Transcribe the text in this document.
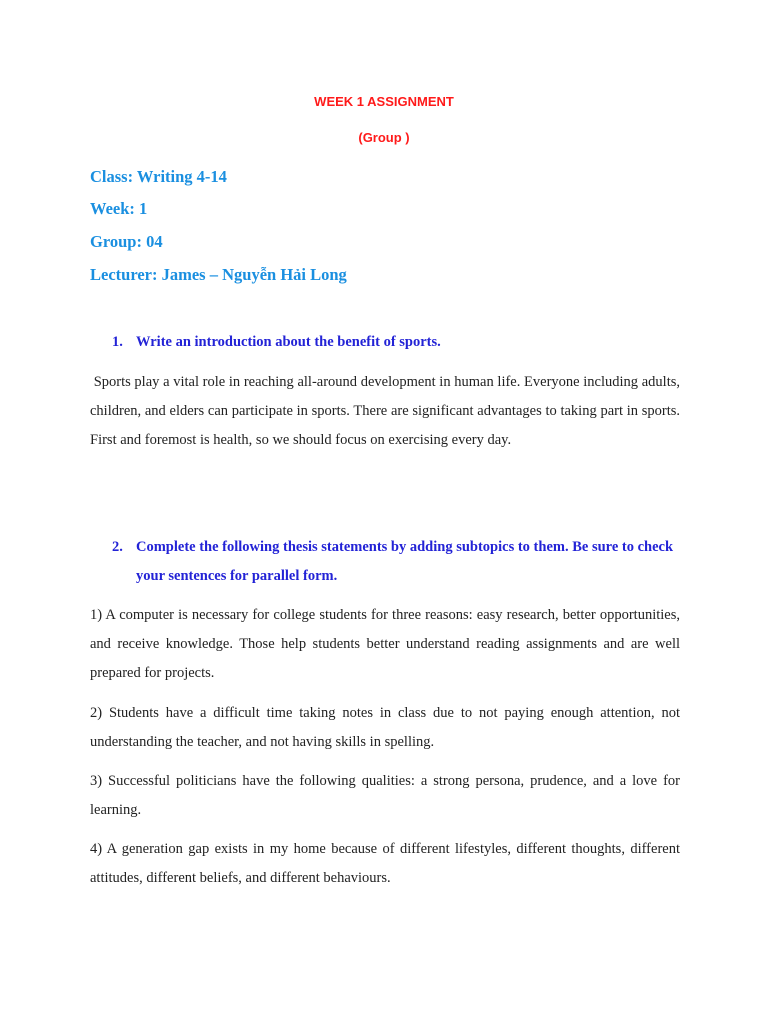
WEEK 1 ASSIGNMENT
(Group )
Class: Writing 4-14
Week: 1
Group: 04
Lecturer: James – Nguyễn Hải Long
1. Write an introduction about the benefit of sports.
Sports play a vital role in reaching all-around development in human life. Everyone including adults, children, and elders can participate in sports. There are significant advantages to taking part in sports. First and foremost is health, so we should focus on exercising every day.
2. Complete the following thesis statements by adding subtopics to them. Be sure to check your sentences for parallel form.
1) A computer is necessary for college students for three reasons: easy research, better opportunities, and receive knowledge. Those help students better understand reading assignments and are well prepared for projects.
2) Students have a difficult time taking notes in class due to not paying enough attention, not understanding the teacher, and not having skills in spelling.
3) Successful politicians have the following qualities: a strong persona, prudence, and a love for learning.
4) A generation gap exists in my home because of different lifestyles, different thoughts, different attitudes, different beliefs, and different behaviours.
